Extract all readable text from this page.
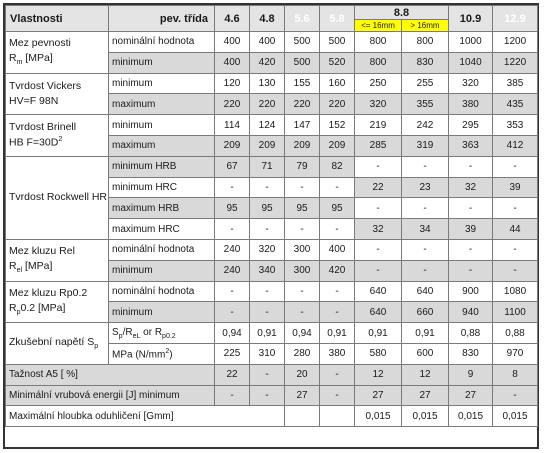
Vlastnosti	pev. třída	4.6	4.8	5.6	5.8	8.8		10.9	12.9
						<= 16mm	> 16mm		
Mez pevnosti
$R_m$ [MPa]	nominální hodnota	400	400	500	500	800	800	1000	1200
	minimum	400	420	500	520	800	830	1040	1220
Tvrdost Vickers
HV=F 98N	minimum	120	130	155	160	250	255	320	385
	maximum	220	220	220	220	320	355	380	435
Tvrdost Brinell
HB $F=30D^2$	minimum	114	124	147	152	219	242	295	353
	maximum	209	209	209	209	285	319	363	412
Tvrdost Rockwell HR	minimum HRB	67	71	79	82	-	-	-	-
	minimum HRC	-	-	-	-	22	23	32	39
	maximum HRB	95	95	95	95	-	-	-	-
	maximum HRC	-	-	-	-	32	34	39	44
Mez kluzu Rel
$R_{el}$ [MPa]	nominální hodnota	240	320	300	400	-	-	-	-
	minimum	240	340	300	420	-	-	-	-
Mez kluzu Rp0.2
$R_p0.2$ [MPa]	nominální hodnota	-	-	-	-	640	640	900	1080
	minimum	-	-	-	-	640	660	940	1100
Zkušební napětí $S_p$	$S_p/R_{eL}$ or $R_{p0.2}$	0,94	0,91	0,94	0,91	0,91	0,91	0,88	0,88
	MPa $(N/mm^2)$	225	310	280	380	580	600	830	970
Tažnost A5 [ %]		22	-	20	-	12	12	9	8
Minimální vrubová energii [J] minimum		-	-	27	-	27	27	27	-
Maximální hloubka oduhličení [Gmm]						0,015	0,015	0,015	0,015
